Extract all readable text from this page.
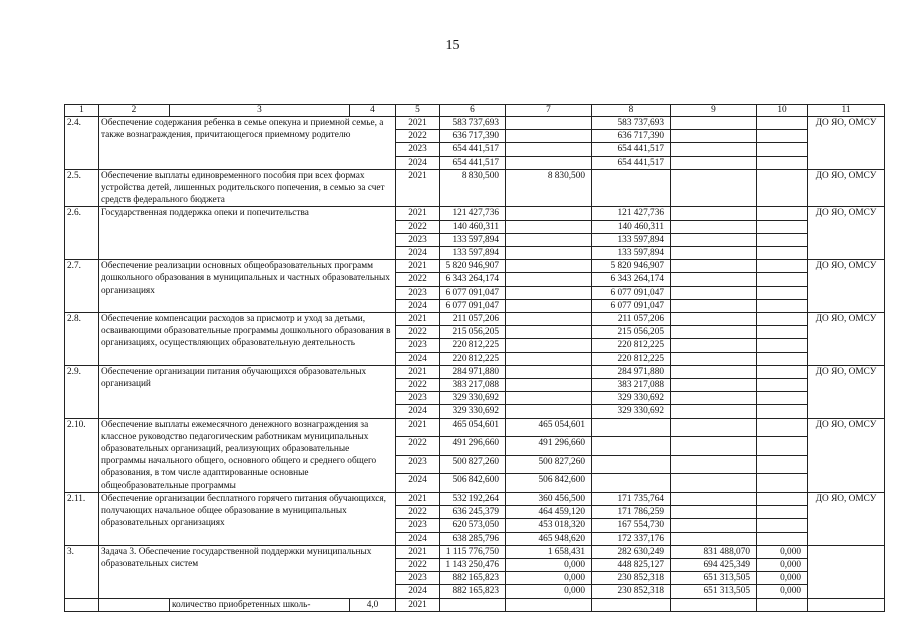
15
1	2	3	4	5	6	7	8	9	10	11
2.4.	Обеспечение содержания ребенка в семье опекуна и приемной семье, а также вознаграждения, причитающегося приемному родителю			2021	583 737,693		583 737,693			ДО ЯО, ОМСУ
				2022	636 717,390		636 717,390			
				2023	654 441,517		654 441,517			
				2024	654 441,517		654 441,517			
2.5.	Обеспечение выплаты единовременного пособия при всех формах устройства детей, лишенных родительского попечения, в семью за счет средств федерального бюджета			2021	8 830,500	8 830,500				ДО ЯО, ОМСУ
2.6.	Государственная поддержка опеки и попечительства			2021	121 427,736		121 427,736			ДО ЯО, ОМСУ
				2022	140 460,311		140 460,311			
				2023	133 597,894		133 597,894			
				2024	133 597,894		133 597,894			
2.7.	Обеспечение реализации основных общеобразовательных программ дошкольного образования в муниципальных и частных образовательных организациях			2021	5 820 946,907		5 820 946,907			ДО ЯО, ОМСУ
				2022	6 343 264,174		6 343 264,174			
				2023	6 077 091,047		6 077 091,047			
				2024	6 077 091,047		6 077 091,047			
2.8.	Обеспечение компенсации расходов за присмотр и уход за детьми, осваивающими образовательные программы дошкольного образования в организациях, осуществляющих образовательную деятельность			2021	211 057,206		211 057,206			ДО ЯО, ОМСУ
				2022	215 056,205		215 056,205			
				2023	220 812,225		220 812,225			
				2024	220 812,225		220 812,225			
2.9.	Обеспечение организации питания обучающихся образовательных организаций			2021	284 971,880		284 971,880			ДО ЯО, ОМСУ
				2022	383 217,088		383 217,088			
				2023	329 330,692		329 330,692			
				2024	329 330,692		329 330,692			
2.10.	Обеспечение выплаты ежемесячного денежного вознаграждения за классное руководство педагогическим работникам муниципальных образовательных организаций, реализующих образовательные программы начального общего, основного общего и среднего общего образования, в том числе адаптированные основные общеобразовательные программы			2021	465 054,601	465 054,601				ДО ЯО, ОМСУ
				2022	491 296,660	491 296,660				
				2023	500 827,260	500 827,260				
				2024	506 842,600	506 842,600				
2.11.	Обеспечение организации бесплатного горячего питания обучающихся, получающих начальное общее образование в муниципальных образовательных организациях			2021	532 192,264	360 456,500	171 735,764			ДО ЯО, ОМСУ
				2022	636 245,379	464 459,120	171 786,259			
				2023	620 573,050	453 018,320	167 554,730			
				2024	638 285,796	465 948,620	172 337,176			
3.	Задача 3. Обеспечение государственной поддержки муниципальных образовательных систем			2021	1 115 776,750	1 658,431	282 630,249	831 488,070	0,000	
				2022	1 143 250,476	0,000	448 825,127	694 425,349	0,000	
				2023	882 165,823	0,000	230 852,318	651 313,505	0,000	
				2024	882 165,823	0,000	230 852,318	651 313,505	0,000	
		количество приобретенных школь-	4,0	2021						
